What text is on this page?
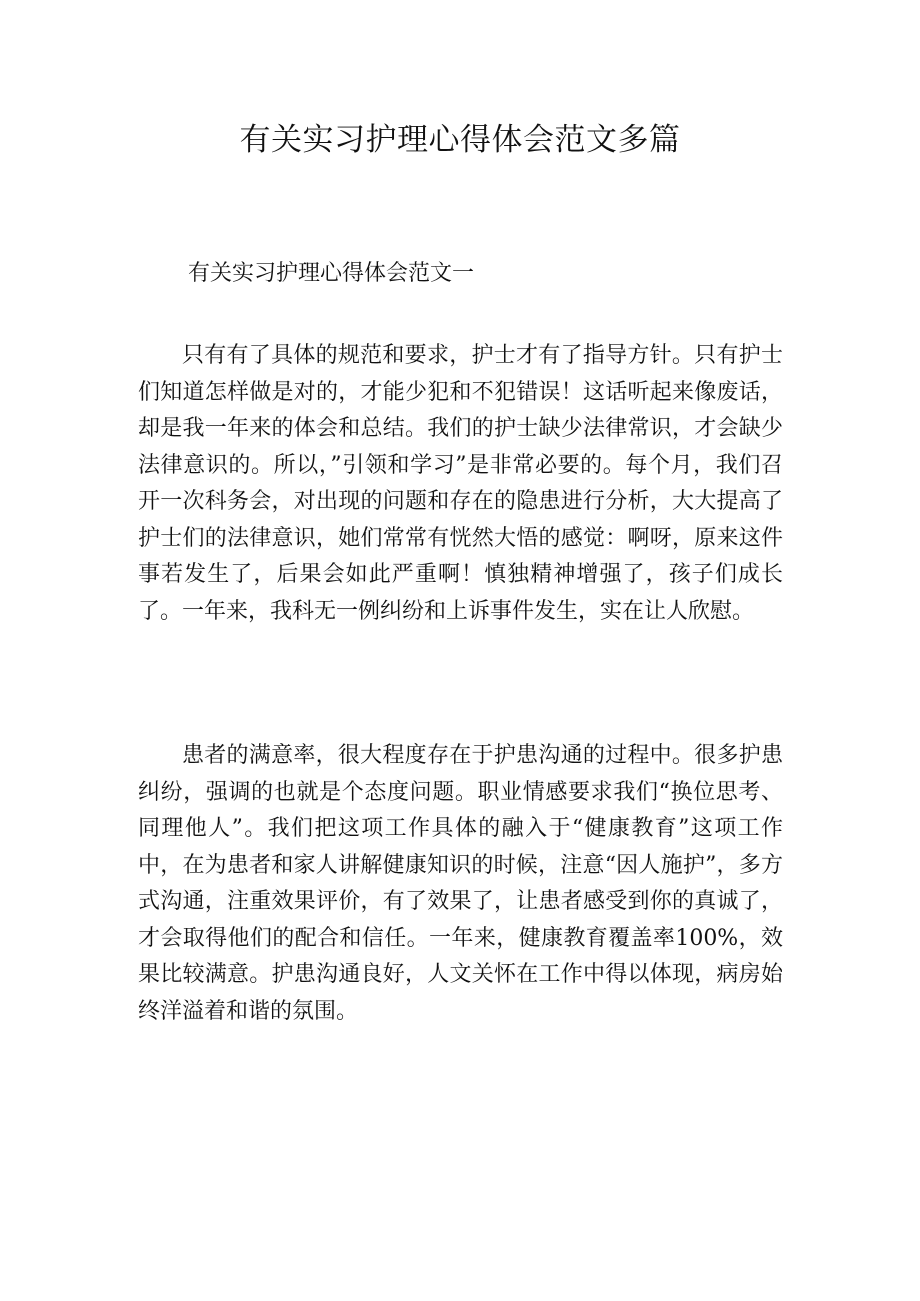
有关实习护理心得体会范文多篇
有关实习护理心得体会范文一

只有有了具体的规范和要求，护士才有了指导方针。只有护士们知道怎样做是对的，才能少犯和不犯错误！这话听起来像废话，却是我一年来的体会和总结。我们的护士缺少法律常识，才会缺少法律意识的。所以，”引领和学习”是非常必要的。每个月，我们召开一次科务会，对出现的问题和存在的隐患进行分析，大大提高了护士们的法律意识，她们常常有恍然大悟的感觉：啊呀，原来这件事若发生了，后果会如此严重啊！慎独精神增强了，孩子们成长了。一年来，我科无一例纠纷和上诉事件发生，实在让人欣慰。

患者的满意率，很大程度存在于护患沟通的过程中。很多护患纠纷，强调的也就是个态度问题。职业情感要求我们“换位思考、同理他人”。我们把这项工作具体的融入于“健康教育”这项工作中，在为患者和家人讲解健康知识的时候，注意“因人施护”，多方式沟通，注重效果评价，有了效果了，让患者感受到你的真诚了，才会取得他们的配合和信任。一年来，健康教育覆盖率100%，效果比较满意。护患沟通良好，人文关怀在工作中得以体现，病房始终洋溢着和谐的氛围。
